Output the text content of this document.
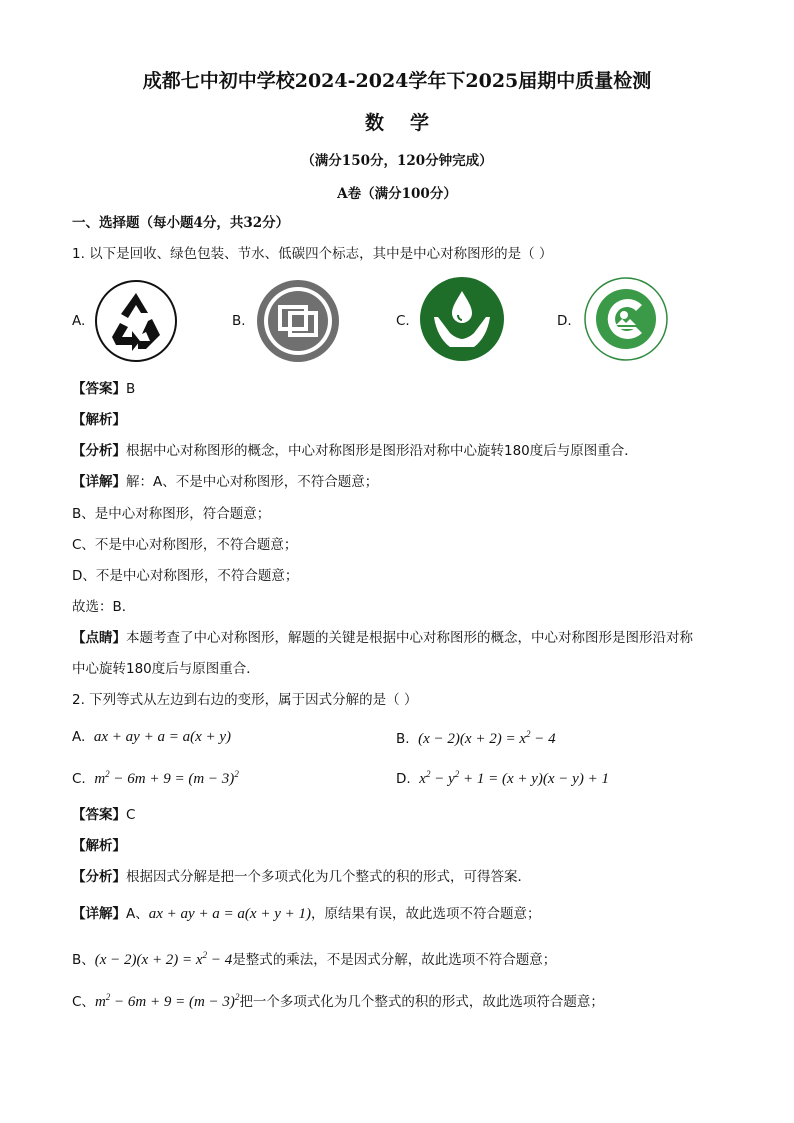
成都七中初中学校2024-2024学年下2025届期中质量检测
数学
（满分150分，120分钟完成）
A卷（满分100分）
一、选择题（每小题4分，共32分）
1. 以下是回收、绿色包装、节水、低碳四个标志，其中是中心对称图形的是（ ）
A.	B.	C.	D.
【答案】B
【解析】
【分析】根据中心对称图形的概念，中心对称图形是图形沿对称中心旋转180度后与原图重合．
【详解】解：A、不是中心对称图形，不符合题意；
B、是中心对称图形，符合题意；
C、不是中心对称图形，不符合题意；
D、不是中心对称图形，不符合题意；
故选：B．
【点睛】本题考查了中心对称图形，解题的关键是根据中心对称图形的概念，中心对称图形是图形沿对称
中心旋转180度后与原图重合．
2. 下列等式从左边到右边的变形，属于因式分解的是（ ）
A. ax + ay + a = a(x + y)	B. $(x - 2)(x + 2) = x^2 - 4$
C. $m^2 - 6m + 9 = (m - 3)^2$	D. $x^2 - y^2 + 1 = (x + y)(x - y) + 1$
【答案】C
【解析】
【分析】根据因式分解是把一个多项式化为几个整式的积的形式，可得答案．
【详解】A、ax + ay + a = a(x + y + 1)，原结果有误，故此选项不符合题意；
B、$(x - 2)(x + 2) = x^2 - 4$是整式的乘法，不是因式分解，故此选项不符合题意；
C、$m^2 - 6m + 9 = (m - 3)^2$把一个多项式化为几个整式的积的形式，故此选项符合题意；
